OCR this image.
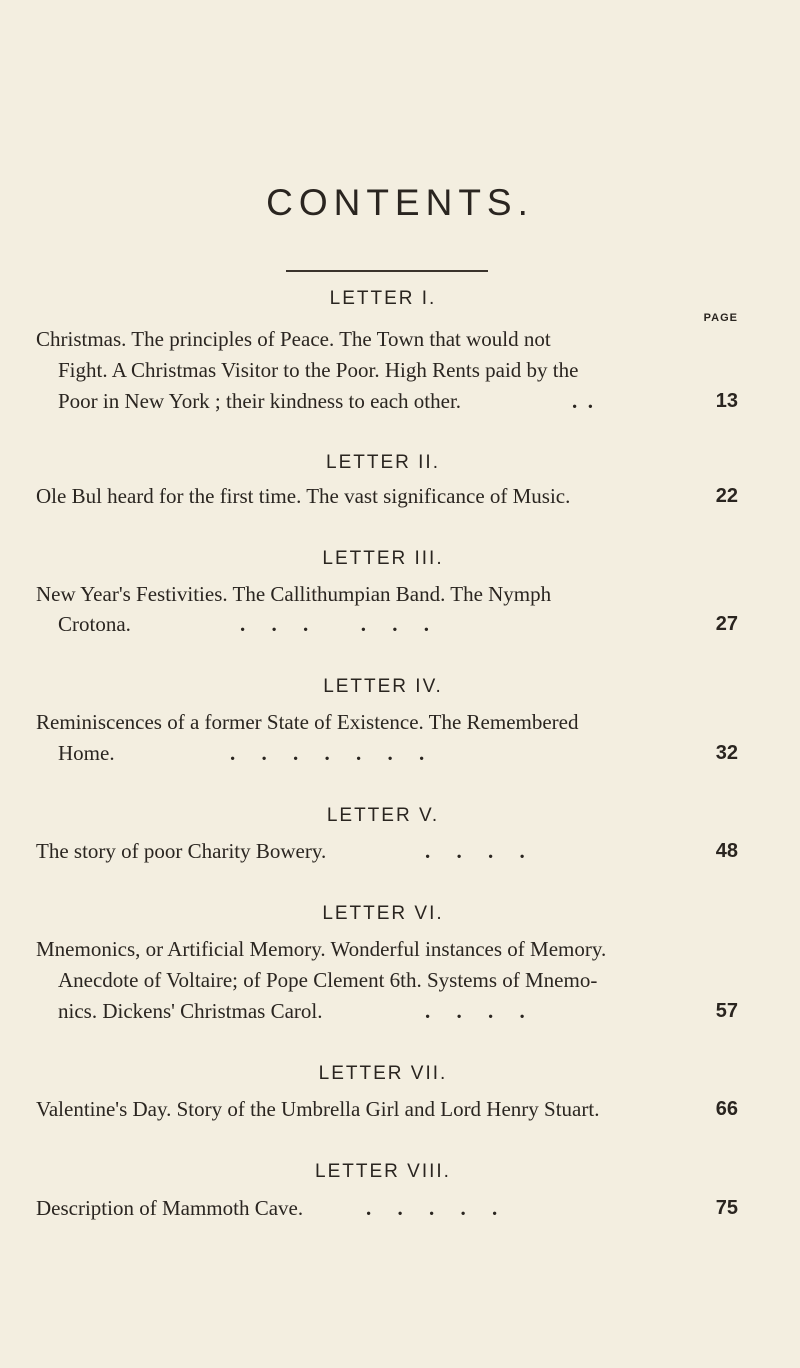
CONTENTS.
PAGE
LETTER I.
Christmas. The principles of Peace. The Town that would not
Fight. A Christmas Visitor to the Poor. High Rents paid by the
Poor in New York ; their kindness to each other.	.  .	13
LETTER II.
Ole Bul heard for the first time. The vast significance of Music.	22
LETTER III.
New Year's Festivities. The Callithumpian Band. The Nymph
Crotona.	.     .     .          .     .     .	27
LETTER IV.
Reminiscences of a former State of Existence. The Remembered
Home.	.     .     .     .     .     .     .	32
LETTER V.
The story of poor Charity Bowery.	.     .     .     .	48
LETTER VI.
Mnemonics, or Artificial Memory. Wonderful instances of Memory.
Anecdote of Voltaire; of Pope Clement 6th. Systems of Mnemo-
nics. Dickens' Christmas Carol.	.     .     .     .	57
LETTER VII.
Valentine's Day. Story of the Umbrella Girl and Lord Henry Stuart.	66
LETTER VIII.
Description of Mammoth Cave.	.     .     .     .     .	75
